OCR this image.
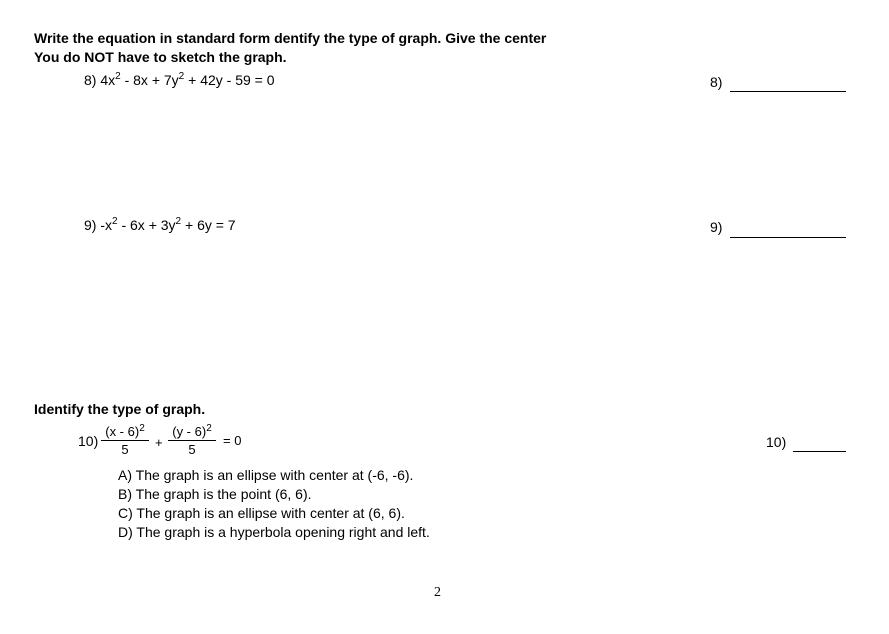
Write the equation in standard form dentify the type of graph. Give the center
You do NOT have to sketch the graph.
8) $4x^2 - 8x + 7y^2 + 42y - 59 = 0$	8)
9) $-x^2 - 6x + 3y^2 + 6y = 7$	9)
Identify the type of graph.
$10) \frac{(x - 6)^2}{5} + \frac{(y - 6)^2}{5} = 0$
A) The graph is an ellipse with center at (-6, -6).
B) The graph is the point (6, 6).
C) The graph is an ellipse with center at (6, 6).
D) The graph is a hyperbola opening right and left.
10)
2
